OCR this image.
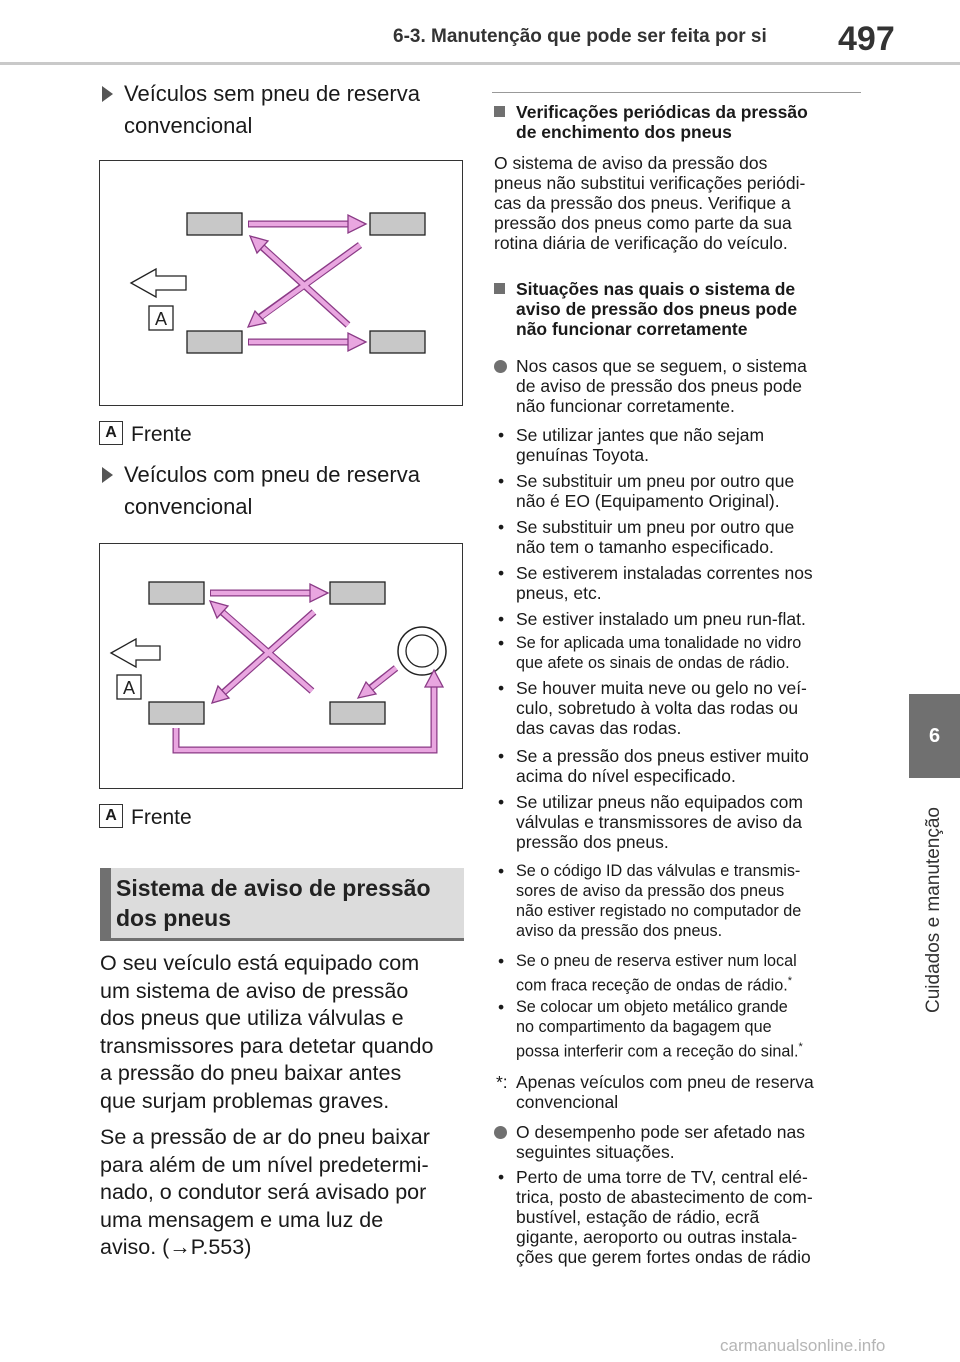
6-3. Manutenção que pode ser feita por si 497
6
Cuidados e manutenção
Veículos sem pneu de reserva
convencional
A
A Frente
Veículos com pneu de reserva
convencional
A
A Frente
Sistema de aviso de pressão
dos pneus
O seu veículo está equipado com
um sistema de aviso de pressão
dos pneus que utiliza válvulas e
transmissores para detetar quando
a pressão do pneu baixar antes
que surjam problemas graves.
Se a pressão de ar do pneu baixar
para além de um nível predetermi-
nado, o condutor será avisado por
uma mensagem e uma luz de
aviso. (→P.553)
Verificações periódicas da pressão
de enchimento dos pneus
O sistema de aviso da pressão dos
pneus não substitui verificações periódi-
cas da pressão dos pneus. Verifique a
pressão dos pneus como parte da sua
rotina diária de verificação do veículo.
Situações nas quais o sistema de
aviso de pressão dos pneus pode
não funcionar corretamente
Nos casos que se seguem, o sistema
de aviso de pressão dos pneus pode
não funcionar corretamente.
• Se utilizar jantes que não sejam
genuínas Toyota.
• Se substituir um pneu por outro que
não é EO (Equipamento Original).
• Se substituir um pneu por outro que
não tem o tamanho especificado.
• Se estiverem instaladas correntes nos
pneus, etc.
• Se estiver instalado um pneu run-flat.
• Se for aplicada uma tonalidade no vidro
que afete os sinais de ondas de rádio.
• Se houver muita neve ou gelo no veí-
culo, sobretudo à volta das rodas ou
das cavas das rodas.
• Se a pressão dos pneus estiver muito
acima do nível especificado.
• Se utilizar pneus não equipados com
válvulas e transmissores de aviso da
pressão dos pneus.
• Se o código ID das válvulas e transmis-
sores de aviso da pressão dos pneus
não estiver registado no computador de
aviso da pressão dos pneus.
• Se o pneu de reserva estiver num local
com fraca receção de ondas de rádio.*
• Se colocar um objeto metálico grande
no compartimento da bagagem que
possa interferir com a receção do sinal.*
*: Apenas veículos com pneu de reserva
convencional
O desempenho pode ser afetado nas
seguintes situações.
• Perto de uma torre de TV, central elé-
trica, posto de abastecimento de com-
bustível, estação de rádio, ecrã
gigante, aeroporto ou outras instala-
ções que gerem fortes ondas de rádio
carmanualsonline.info
